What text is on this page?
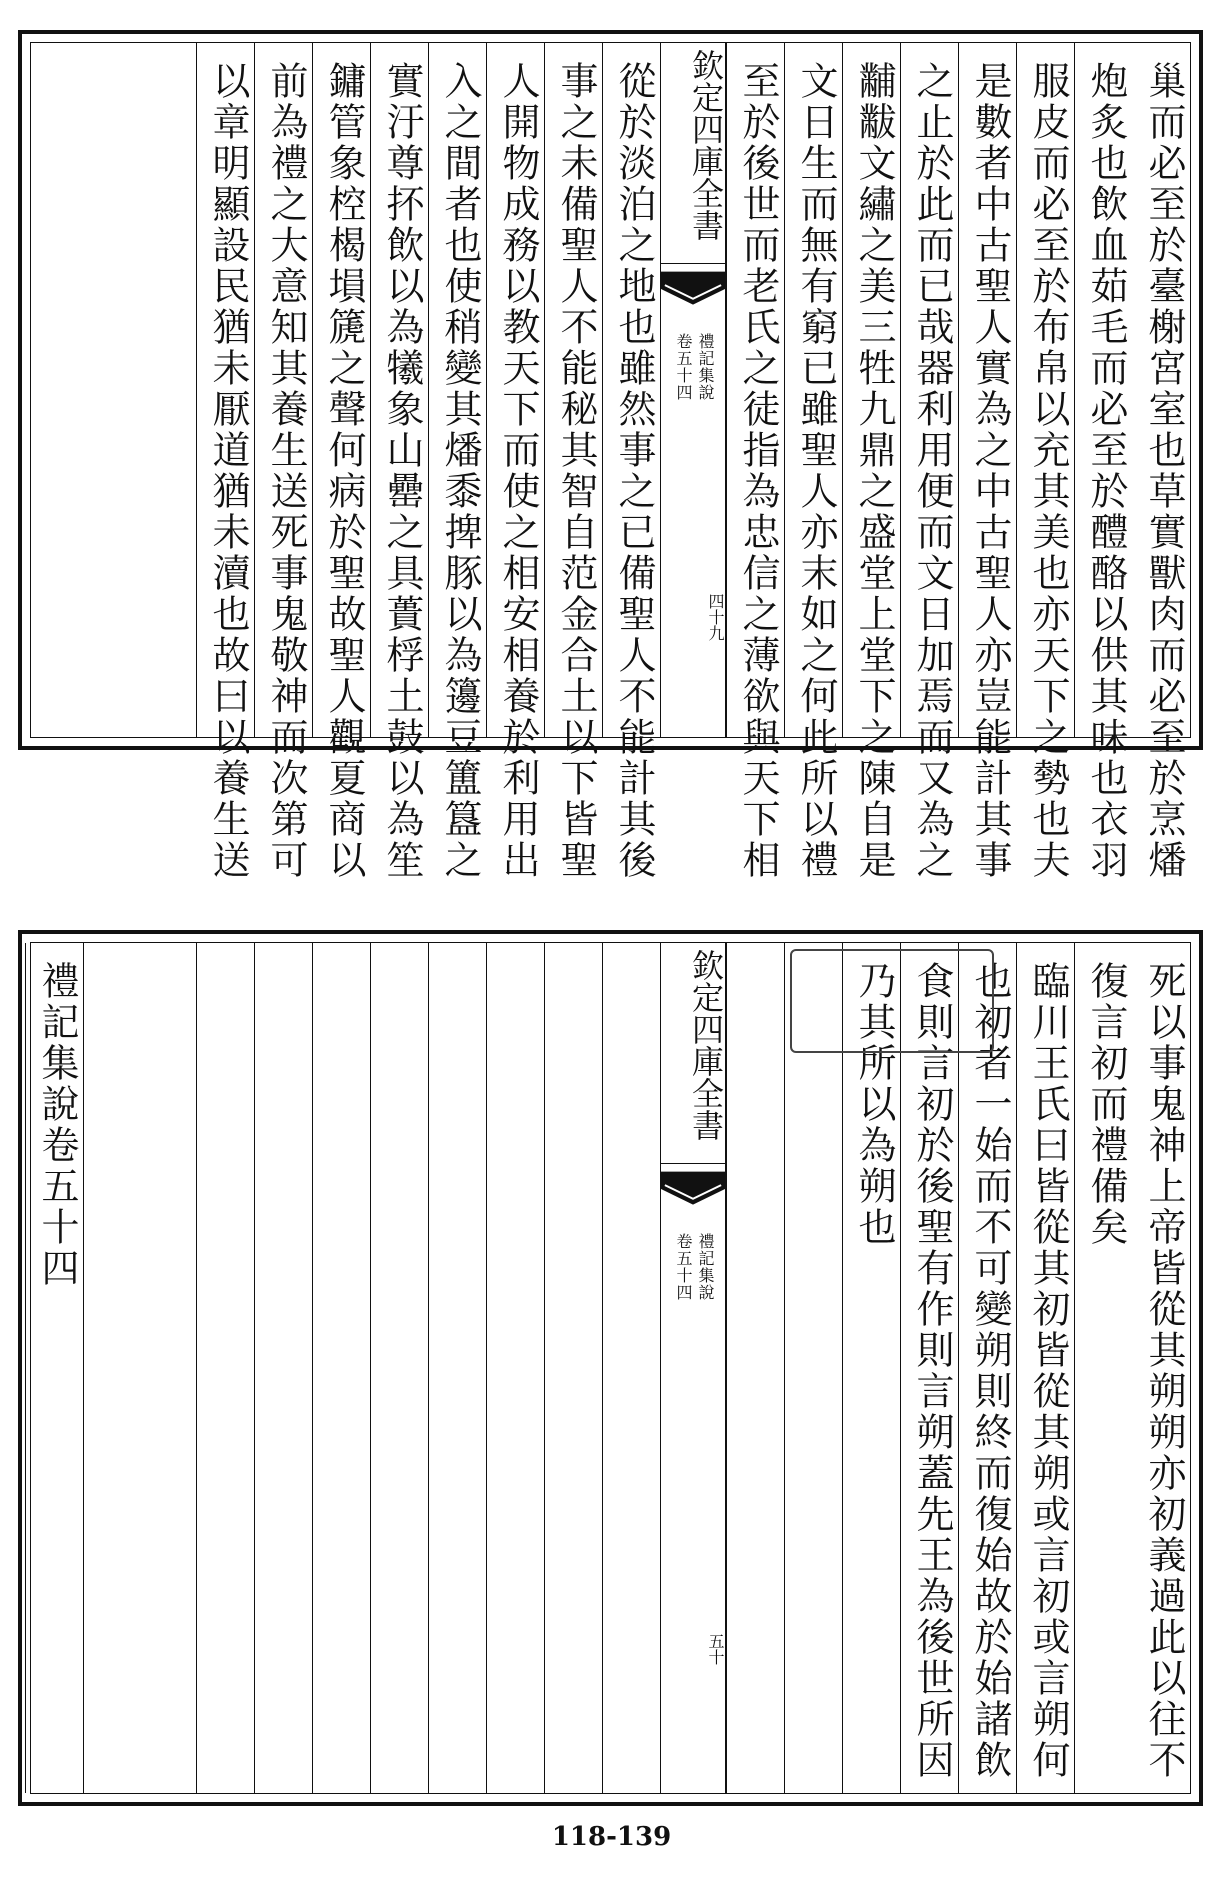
巢而必至於臺榭宮室也草實獸肉而必至於烹燔
炮炙也飲血茹毛而必至於醴酪以供其味也衣羽
服皮而必至於布帛以充其美也亦天下之勢也夫
是數者中古聖人實為之中古聖人亦豈能計其事
之止於此而已哉器利用便而文日加焉而又為之
黼黻文繡之美三牲九鼎之盛堂上堂下之陳自是
文日生而無有窮已雖聖人亦末如之何此所以禮
至於後世而老氏之徒指為忠信之薄欲與天下相
欽定四庫全書
禮記集說
卷五十四
四十九
從於淡泊之地也雖然事之已備聖人不能計其後
事之未備聖人不能秘其智自范金合土以下皆聖
人開物成務以教天下而使之相安相養於利用出
入之間者也使稍變其燔黍捭豚以為籩豆簠簋之
實汙尊抔飲以為犧象山罍之具蕢桴土鼓以為笙
鏞管象椌楬塤篪之聲何病於聖故聖人觀夏商以
前為禮之大意知其養生送死事鬼敬神而次第可
以章明顯設民猶未厭道猶未瀆也故曰以養生送
死以事鬼神上帝皆從其朔朔亦初義過此以往不
復言初而禮備矣
臨川王氏曰皆從其初皆從其朔或言初或言朔何
也初者一始而不可變朔則終而復始故於始諸飲
食則言初於後聖有作則言朔蓋先王為後世所因
乃其所以為朔也
欽定四庫全書
禮記集說
卷五十四
五十
禮記集說卷五十四
118-139
